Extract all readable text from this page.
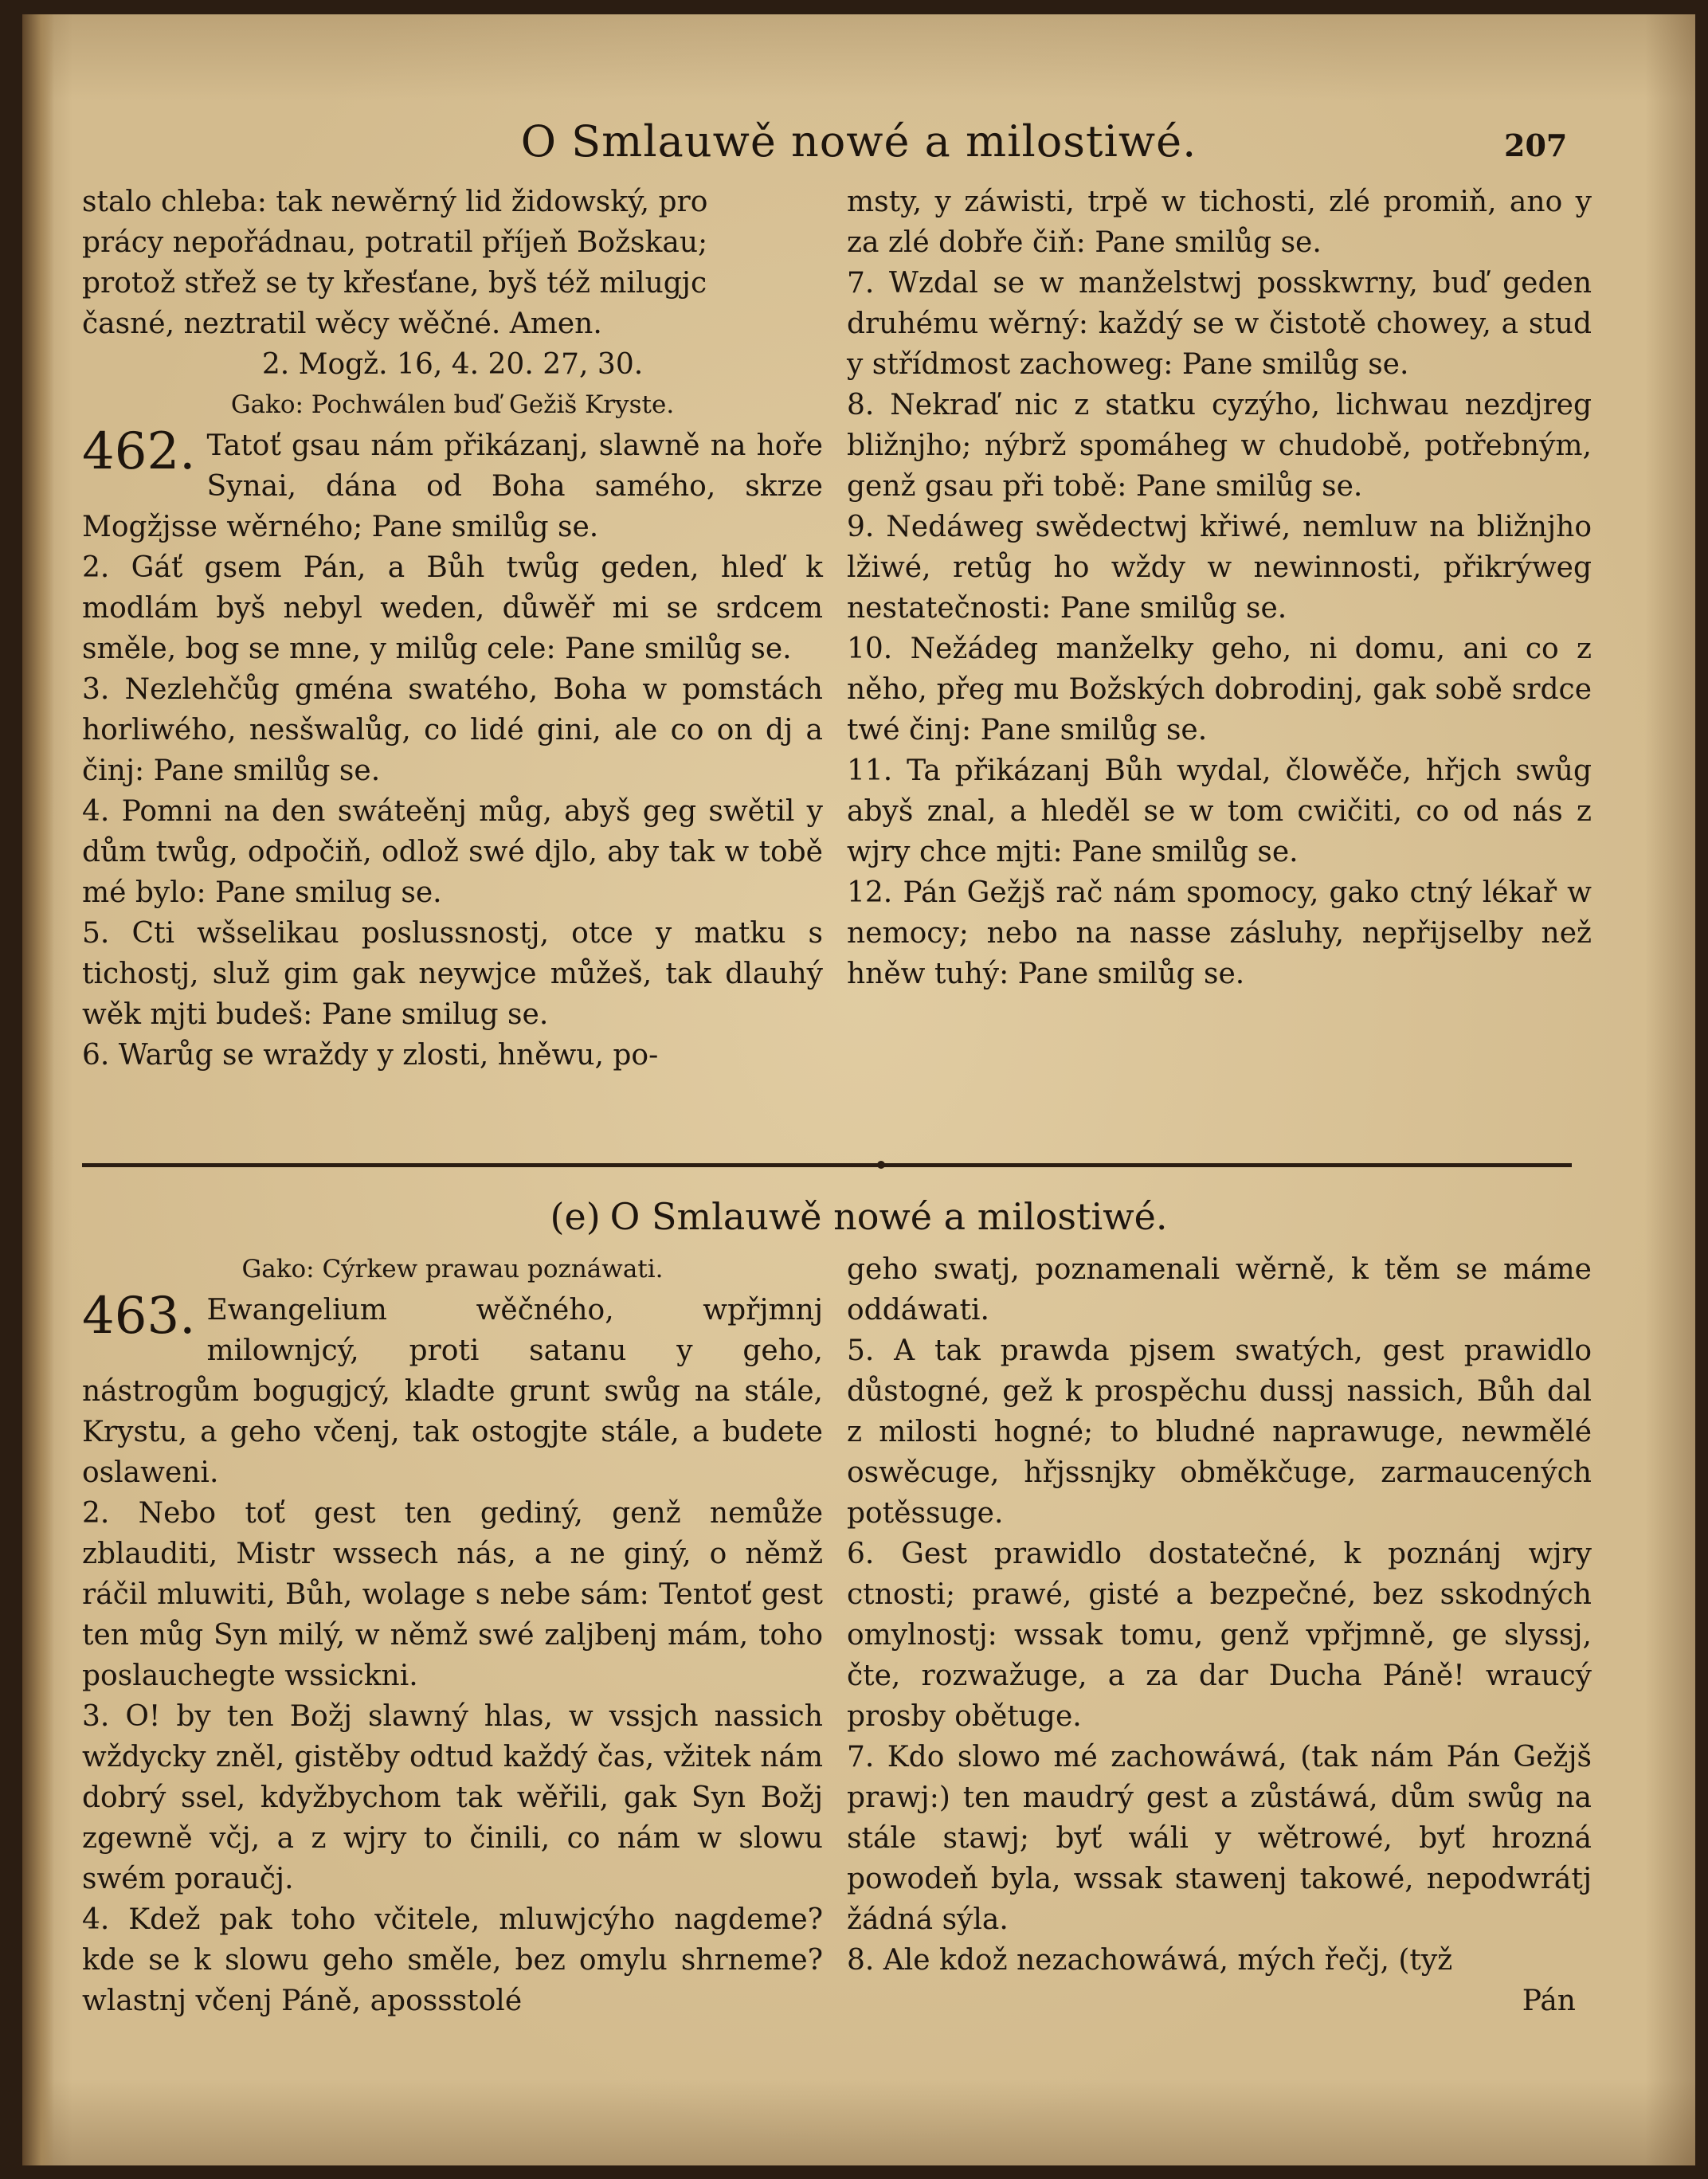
O Smlauwě nowé a milostiwé.	207

stalo chleba: tak newěrný lid židowský, pro

prácy nepořádnau, potratil příjeň Božskau;

protož střež se ty křesťane, byš též milugjc

časné, neztratil wěcy wěčné. Amen.

2. Mogž. 16, 4. 20. 27, 30.

Gako: Pochwálen buď Gežiš Kryste.

462. Tatoť gsau nám přikázanj, slawně na hoře Synai, dána od Boha samého, skrze Mogžjsse wěrného; Pane smilůg se.

2. Gáť gsem Pán, a Bůh twůg geden, hleď k modlám byš nebyl weden, důwěř mi se srdcem směle, bog se mne, y milůg cele: Pane smilůg se.

3. Nezlehčůg gména swatého, Boha w pomstách horliwého, nesšwalůg, co lidé gini, ale co on dj a činj: Pane smilůg se.

4. Pomni na den swáteěnj můg, abyš geg swětil y dům twůg, odpočiň, odlož swé djlo, aby tak w tobě mé bylo: Pane smilug se.

5. Cti wšselikau poslussnostj, otce y matku s tichostj, služ gim gak neywjce můžeš, tak dlauhý wěk mjti budeš: Pane smilug se.

6. Warůg se wraždy y zlosti, hněwu, po-

msty, y záwisti, trpě w tichosti, zlé promiň, ano y za zlé dobře čiň: Pane smilůg se.

7. Wzdal se w manželstwj posskwrny, buď geden druhému wěrný: každý se w čistotě chowey, a stud y střídmost zachoweg: Pane smilůg se.

8. Nekraď nic z statku cyzýho, lichwau nezdjreg bližnjho; nýbrž spomáheg w chudobě, potřebným, genž gsau při tobě: Pane smilůg se.

9. Nedáweg swědectwj křiwé, nemluw na bližnjho lžiwé, retůg ho wždy w newinnosti, přikrýweg nestatečnosti: Pane smilůg se.

10. Nežádeg manželky geho, ni domu, ani co z něho, přeg mu Božských dobrodinj, gak sobě srdce twé činj: Pane smilůg se.

11. Ta přikázanj Bůh wydal, člowěče, hřjch swůg abyš znal, a hleděl se w tom cwičiti, co od nás z wjry chce mjti: Pane smilůg se.

12. Pán Gežjš rač nám spomocy, gako ctný lékař w nemocy; nebo na nasse zásluhy, nepřijselby než hněw tuhý: Pane smilůg se.

(e) O Smlauwě nowé a milostiwé.

Gako: Cýrkew prawau poznáwati.

463. Ewangelium wěčného, wpřjmnj milownjcý, proti satanu y geho, nástrogům bogugjcý, kladte grunt swůg na stále, Krystu, a geho včenj, tak ostogjte stále, a budete oslaweni.

2. Nebo toť gest ten gediný, genž nemůže zblauditi, Mistr wssech nás, a ne giný, o němž ráčil mluwiti, Bůh, wolage s nebe sám: Tentoť gest ten můg Syn milý, w němž swé zaljbenj mám, toho poslauchegte wssickni.

3. O! by ten Božj slawný hlas, w vssjch nassich wždycky zněl, gistěby odtud každý čas, vžitek nám dobrý ssel, kdyžbychom tak wěřili, gak Syn Božj zgewně včj, a z wjry to činili, co nám w slowu swém poraučj.

4. Kdež pak toho včitele, mluwjcýho nagdeme? kde se k slowu geho směle, bez omylu shrneme? wlastnj včenj Páně, apossstolé

geho swatj, poznamenali wěrně, k těm se máme oddáwati.

5. A tak prawda pjsem swatých, gest prawidlo důstogné, gež k prospěchu dussj nassich, Bůh dal z milosti hogné; to bludné naprawuge, newmělé oswěcuge, hřjssnjky obměkčuge, zarmaucených potěssuge.

6. Gest prawidlo dostatečné, k poznánj wjry ctnosti; prawé, gisté a bezpečné, bez sskodných omylnostj: wssak tomu, genž vpřjmně, ge slyssj, čte, rozwažuge, a za dar Ducha Páně! wraucý prosby obětuge.

7. Kdo slowo mé zachowáwá, (tak nám Pán Gežjš prawj:) ten maudrý gest a zůstáwá, dům swůg na stále stawj; byť wáli y wětrowé, byť hrozná powodeň byla, wssak stawenj takowé, nepodwrátj žádná sýla.

8. Ale kdož nezachowáwá, mých řečj, (tyž

Pán
